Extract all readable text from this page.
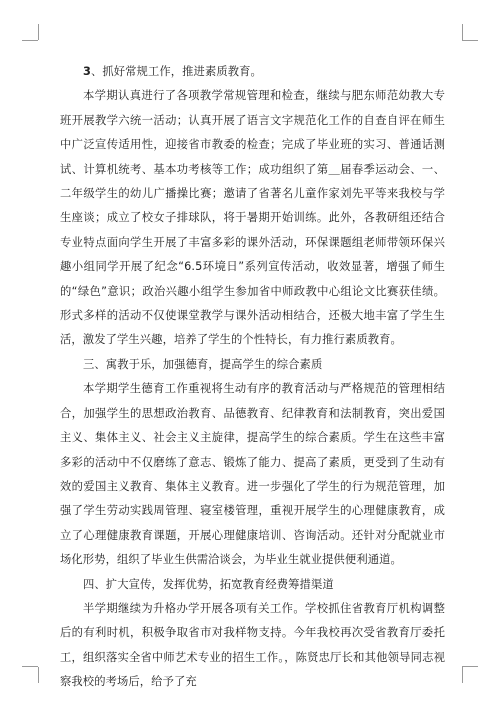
3、抓好常规工作，推进素质教育。

本学期认真进行了各项教学常规管理和检查，继续与肥东师范幼教大专班开展教学六统一活动；认真开展了语言文字规范化工作的自查自评在师生中广泛宣传适用性，迎接省市教委的检查；完成了毕业班的实习、普通话测试、计算机统考、基本功考核等工作；成功组织了第＿届春季运动会、一、二年级学生的幼儿广播操比赛；邀请了省著名儿童作家刘先平等来我校与学生座谈；成立了校女子排球队，将于暑期开始训练。此外，各教研组还结合专业特点面向学生开展了丰富多彩的课外活动，环保课题组老师带领环保兴趣小组同学开展了纪念“6.5环境日”系列宣传活动，收效显著，增强了师生的“绿色”意识；政治兴趣小组学生参加省中师政教中心组论文比赛获佳绩。形式多样的活动不仅使课堂教学与课外活动相结合，还极大地丰富了学生生活，激发了学生兴趣，培养了学生的个性特长，有力推行素质教育。

三、寓教于乐，加强德育，提高学生的综合素质

本学期学生德育工作重视将生动有序的教育活动与严格规范的管理相结合，加强学生的思想政治教育、品德教育、纪律教育和法制教育，突出爱国主义、集体主义、社会主义主旋律，提高学生的综合素质。学生在这些丰富多彩的活动中不仅磨练了意志、锻炼了能力、提高了素质，更受到了生动有效的爱国主义教育、集体主义教育。进一步强化了学生的行为规范管理，加强了学生劳动实践周管理、寝室楼管理，重视开展学生的心理健康教育，成立了心理健康教育课题，开展心理健康培训、咨询活动。还针对分配就业市场化形势，组织了毕业生供需洽谈会，为毕业生就业提供便利通道。

四、扩大宣传，发挥优势，拓宽教育经费筹措渠道

半学期继续为升格办学开展各项有关工作。学校抓住省教育厅机构调整后的有利时机，积极争取省市对我样物支持。今年我校再次受省教育厅委托工，组织落实全省中师艺术专业的招生工作。，陈贤忠厅长和其他领导同志视察我校的考场后，给予了充
